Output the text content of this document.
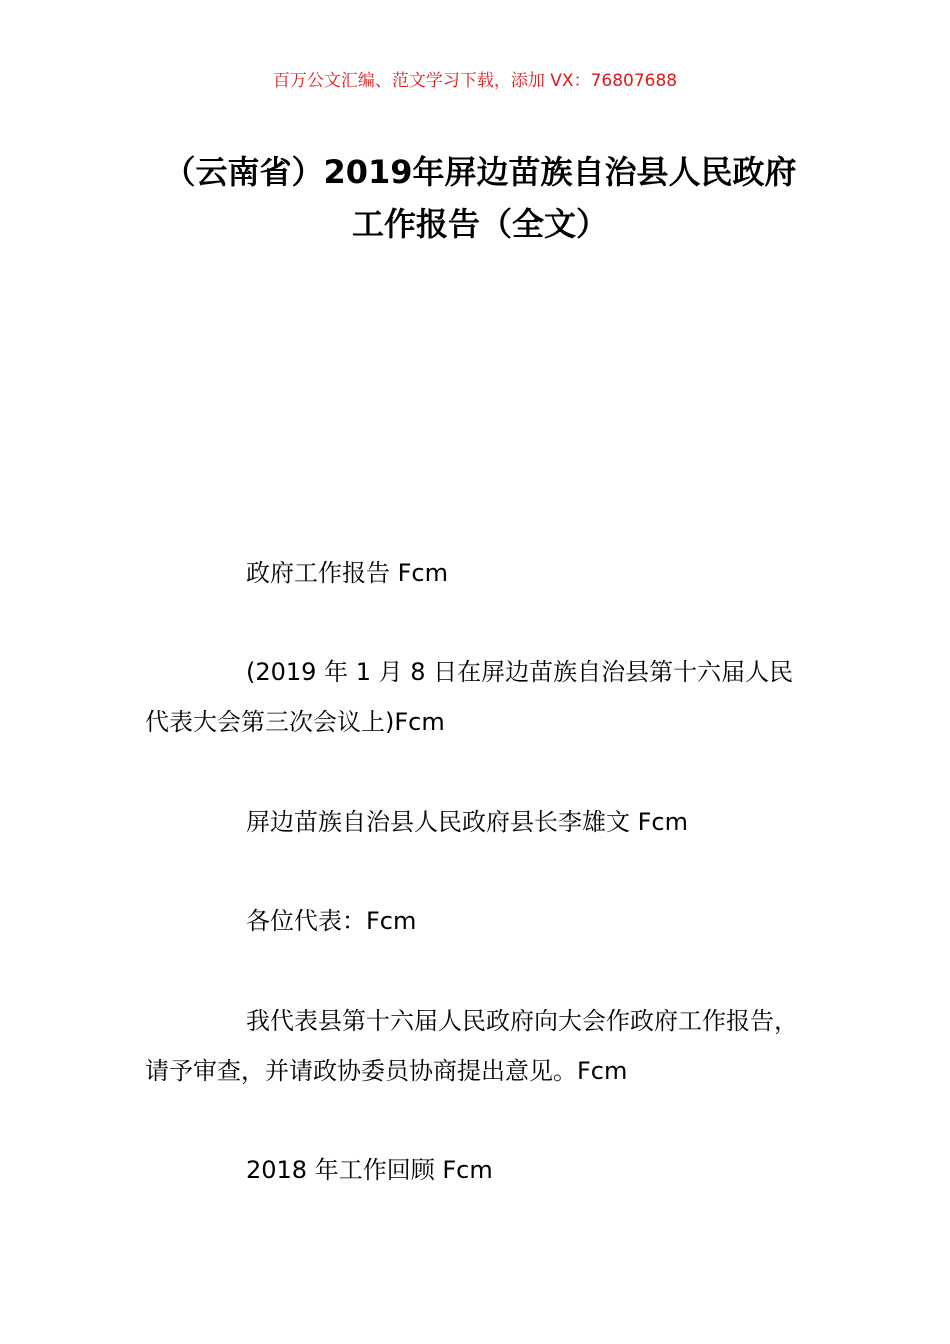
百万公文汇编、范文学习下载，添加 VX：76807688
（云南省）2019年屏边苗族自治县人民政府工作报告（全文）

政府工作报告 Fcm

(2019 年 1 月 8 日在屏边苗族自治县第十六届人民代表大会第三次会议上)Fcm

屏边苗族自治县人民政府县长李雄文 Fcm

各位代表：Fcm

我代表县第十六届人民政府向大会作政府工作报告，请予审查，并请政协委员协商提出意见。Fcm

2018 年工作回顾 Fcm
